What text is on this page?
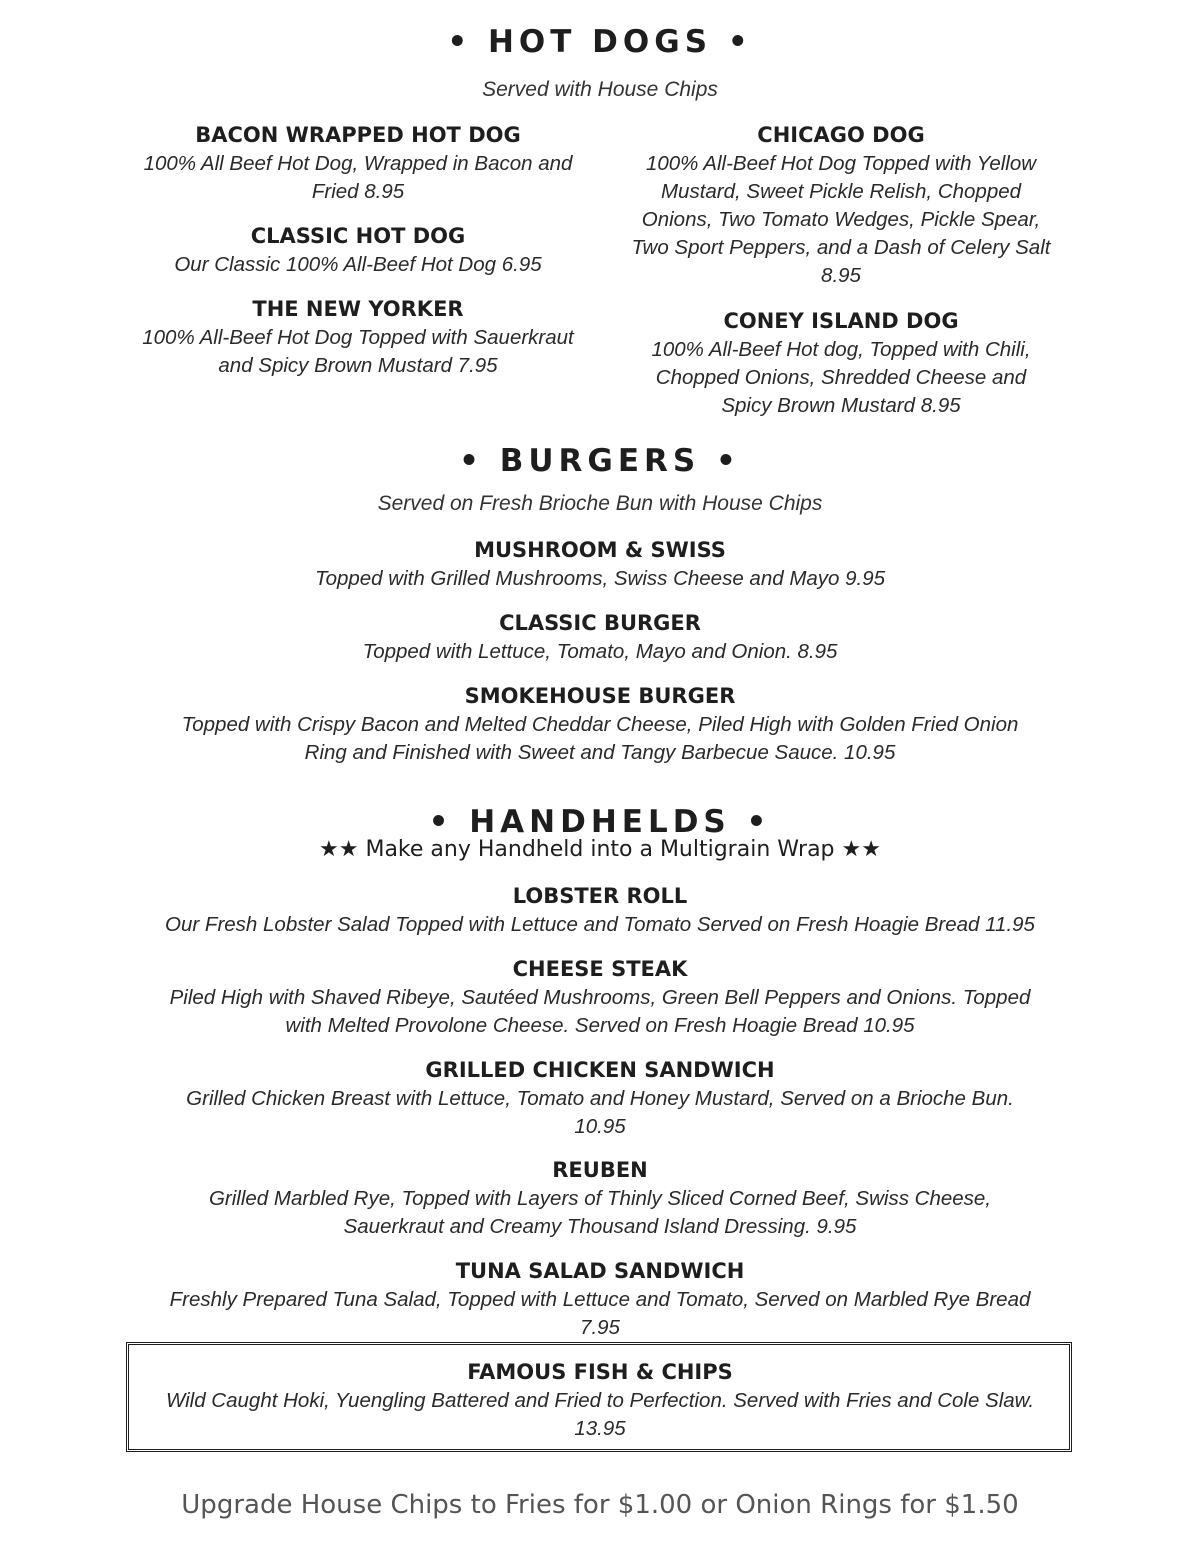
• HOT DOGS •
Served with House Chips
BACON WRAPPED HOT DOG
100% All Beef Hot Dog, Wrapped in Bacon and Fried 8.95
CLASSIC HOT DOG
Our Classic 100% All-Beef Hot Dog 6.95
THE NEW YORKER
100% All-Beef Hot Dog Topped with Sauerkraut and Spicy Brown Mustard 7.95
CHICAGO DOG
100% All-Beef Hot Dog Topped with Yellow Mustard, Sweet Pickle Relish, Chopped Onions, Two Tomato Wedges, Pickle Spear, Two Sport Peppers, and a Dash of Celery Salt 8.95
CONEY ISLAND DOG
100% All-Beef Hot dog, Topped with Chili, Chopped Onions, Shredded Cheese and Spicy Brown Mustard 8.95
• BURGERS •
Served on Fresh Brioche Bun with House Chips
MUSHROOM & SWISS
Topped with Grilled Mushrooms, Swiss Cheese and Mayo 9.95
CLASSIC BURGER
Topped with Lettuce, Tomato, Mayo and Onion. 8.95
SMOKEHOUSE BURGER
Topped with Crispy Bacon and Melted Cheddar Cheese, Piled High with Golden Fried Onion Ring and Finished with Sweet and Tangy Barbecue Sauce. 10.95
• HANDHELDS •
★★ Make any Handheld into a Multigrain Wrap ★★
LOBSTER ROLL
Our Fresh Lobster Salad Topped with Lettuce and Tomato Served on Fresh Hoagie Bread 11.95
CHEESE STEAK
Piled High with Shaved Ribeye, Sautéed Mushrooms, Green Bell Peppers and Onions. Topped with Melted Provolone Cheese. Served on Fresh Hoagie Bread 10.95
GRILLED CHICKEN SANDWICH
Grilled Chicken Breast with Lettuce, Tomato and Honey Mustard, Served on a Brioche Bun. 10.95
REUBEN
Grilled Marbled Rye, Topped with Layers of Thinly Sliced Corned Beef, Swiss Cheese, Sauerkraut and Creamy Thousand Island Dressing. 9.95
TUNA SALAD SANDWICH
Freshly Prepared Tuna Salad, Topped with Lettuce and Tomato, Served on Marbled Rye Bread 7.95
FAMOUS FISH & CHIPS
Wild Caught Hoki, Yuengling Battered and Fried to Perfection. Served with Fries and Cole Slaw. 13.95
Upgrade House Chips to Fries for $1.00 or Onion Rings for $1.50
